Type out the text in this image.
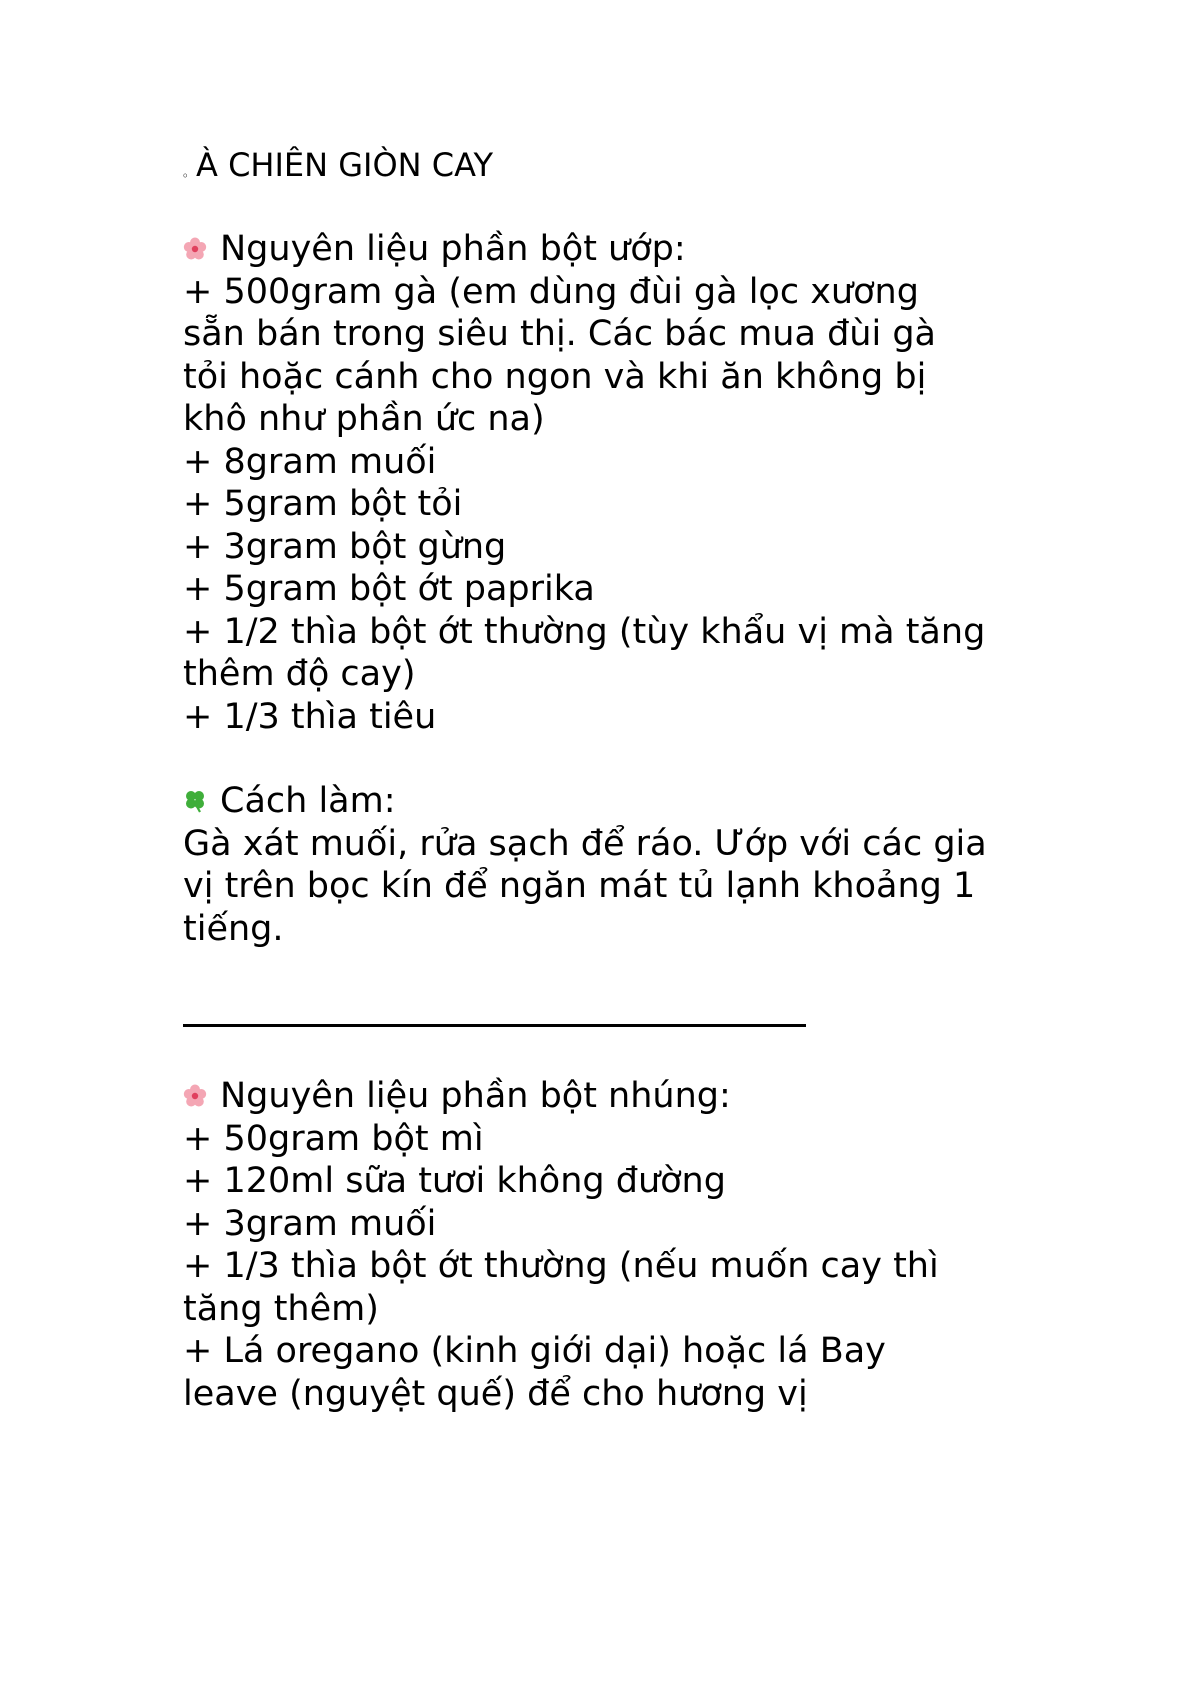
。À CHIÊN GIÒN CAY
Nguyên liệu phần bột ướp:
+ 500gram gà (em dùng đùi gà lọc xương
sẵn bán trong siêu thị. Các bác mua đùi gà
tỏi hoặc cánh cho ngon và khi ăn không bị
khô như phần ức na)
+ 8gram muối
+ 5gram bột tỏi
+ 3gram bột gừng
+ 5gram bột ớt paprika
+ 1/2 thìa bột ớt thường (tùy khẩu vị mà tăng
thêm độ cay)
+ 1/3 thìa tiêu
Cách làm:
Gà xát muối, rửa sạch để ráo. Ướp với các gia
vị trên bọc kín để ngăn mát tủ lạnh khoảng 1
tiếng.
Nguyên liệu phần bột nhúng:
+ 50gram bột mì
+ 120ml sữa tươi không đường
+ 3gram muối
+ 1/3 thìa bột ớt thường (nếu muốn cay thì
tăng thêm)
+ Lá oregano (kinh giới dại) hoặc lá Bay
leave (nguyệt quế) để cho hương vị
